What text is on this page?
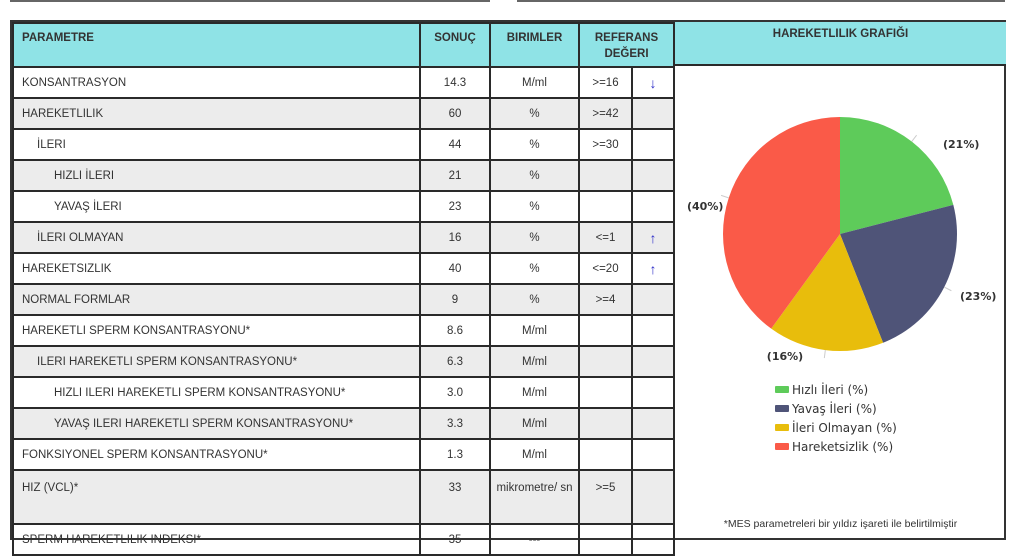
PARAMETRE	SONUÇ	BIRIMLER	REFERANS DEĞERI	
KONSANTRASYON	14.3	M/ml	>=16	↓
HAREKETLILIK	60	%	>=42	
İLERI	44	%	>=30	
HIZLI İLERI	21	%		
YAVAŞ İLERI	23	%		
İLERI OLMAYAN	16	%	<=1	↑
HAREKETSIZLIK	40	%	<=20	↑
NORMAL FORMLAR	9	%	>=4	
HAREKETLI SPERM KONSANTRASYONU*	8.6	M/ml		
ILERI HAREKETLI SPERM KONSANTRASYONU*	6.3	M/ml		
HIZLI ILERI HAREKETLI SPERM KONSANTRASYONU*	3.0	M/ml		
YAVAŞ ILERI HAREKETLI SPERM KONSANTRASYONU*	3.3	M/ml		
FONKSIYONEL SPERM KONSANTRASYONU*	1.3	M/ml		
HIZ (VCL)*	33	mikrometre/ sn	>=5	
SPERM HAREKETLILIK INDEKSI*	35	---		
HAREKETLILIK GRAFIĞI
(21%)
(23%)
(16%)
(40%)
Hızlı İleri (%)
Yavaş İleri (%)
İleri Olmayan (%)
Hareketsizlik (%)
*MES parametreleri bir yıldız işareti ile belirtilmiştir
